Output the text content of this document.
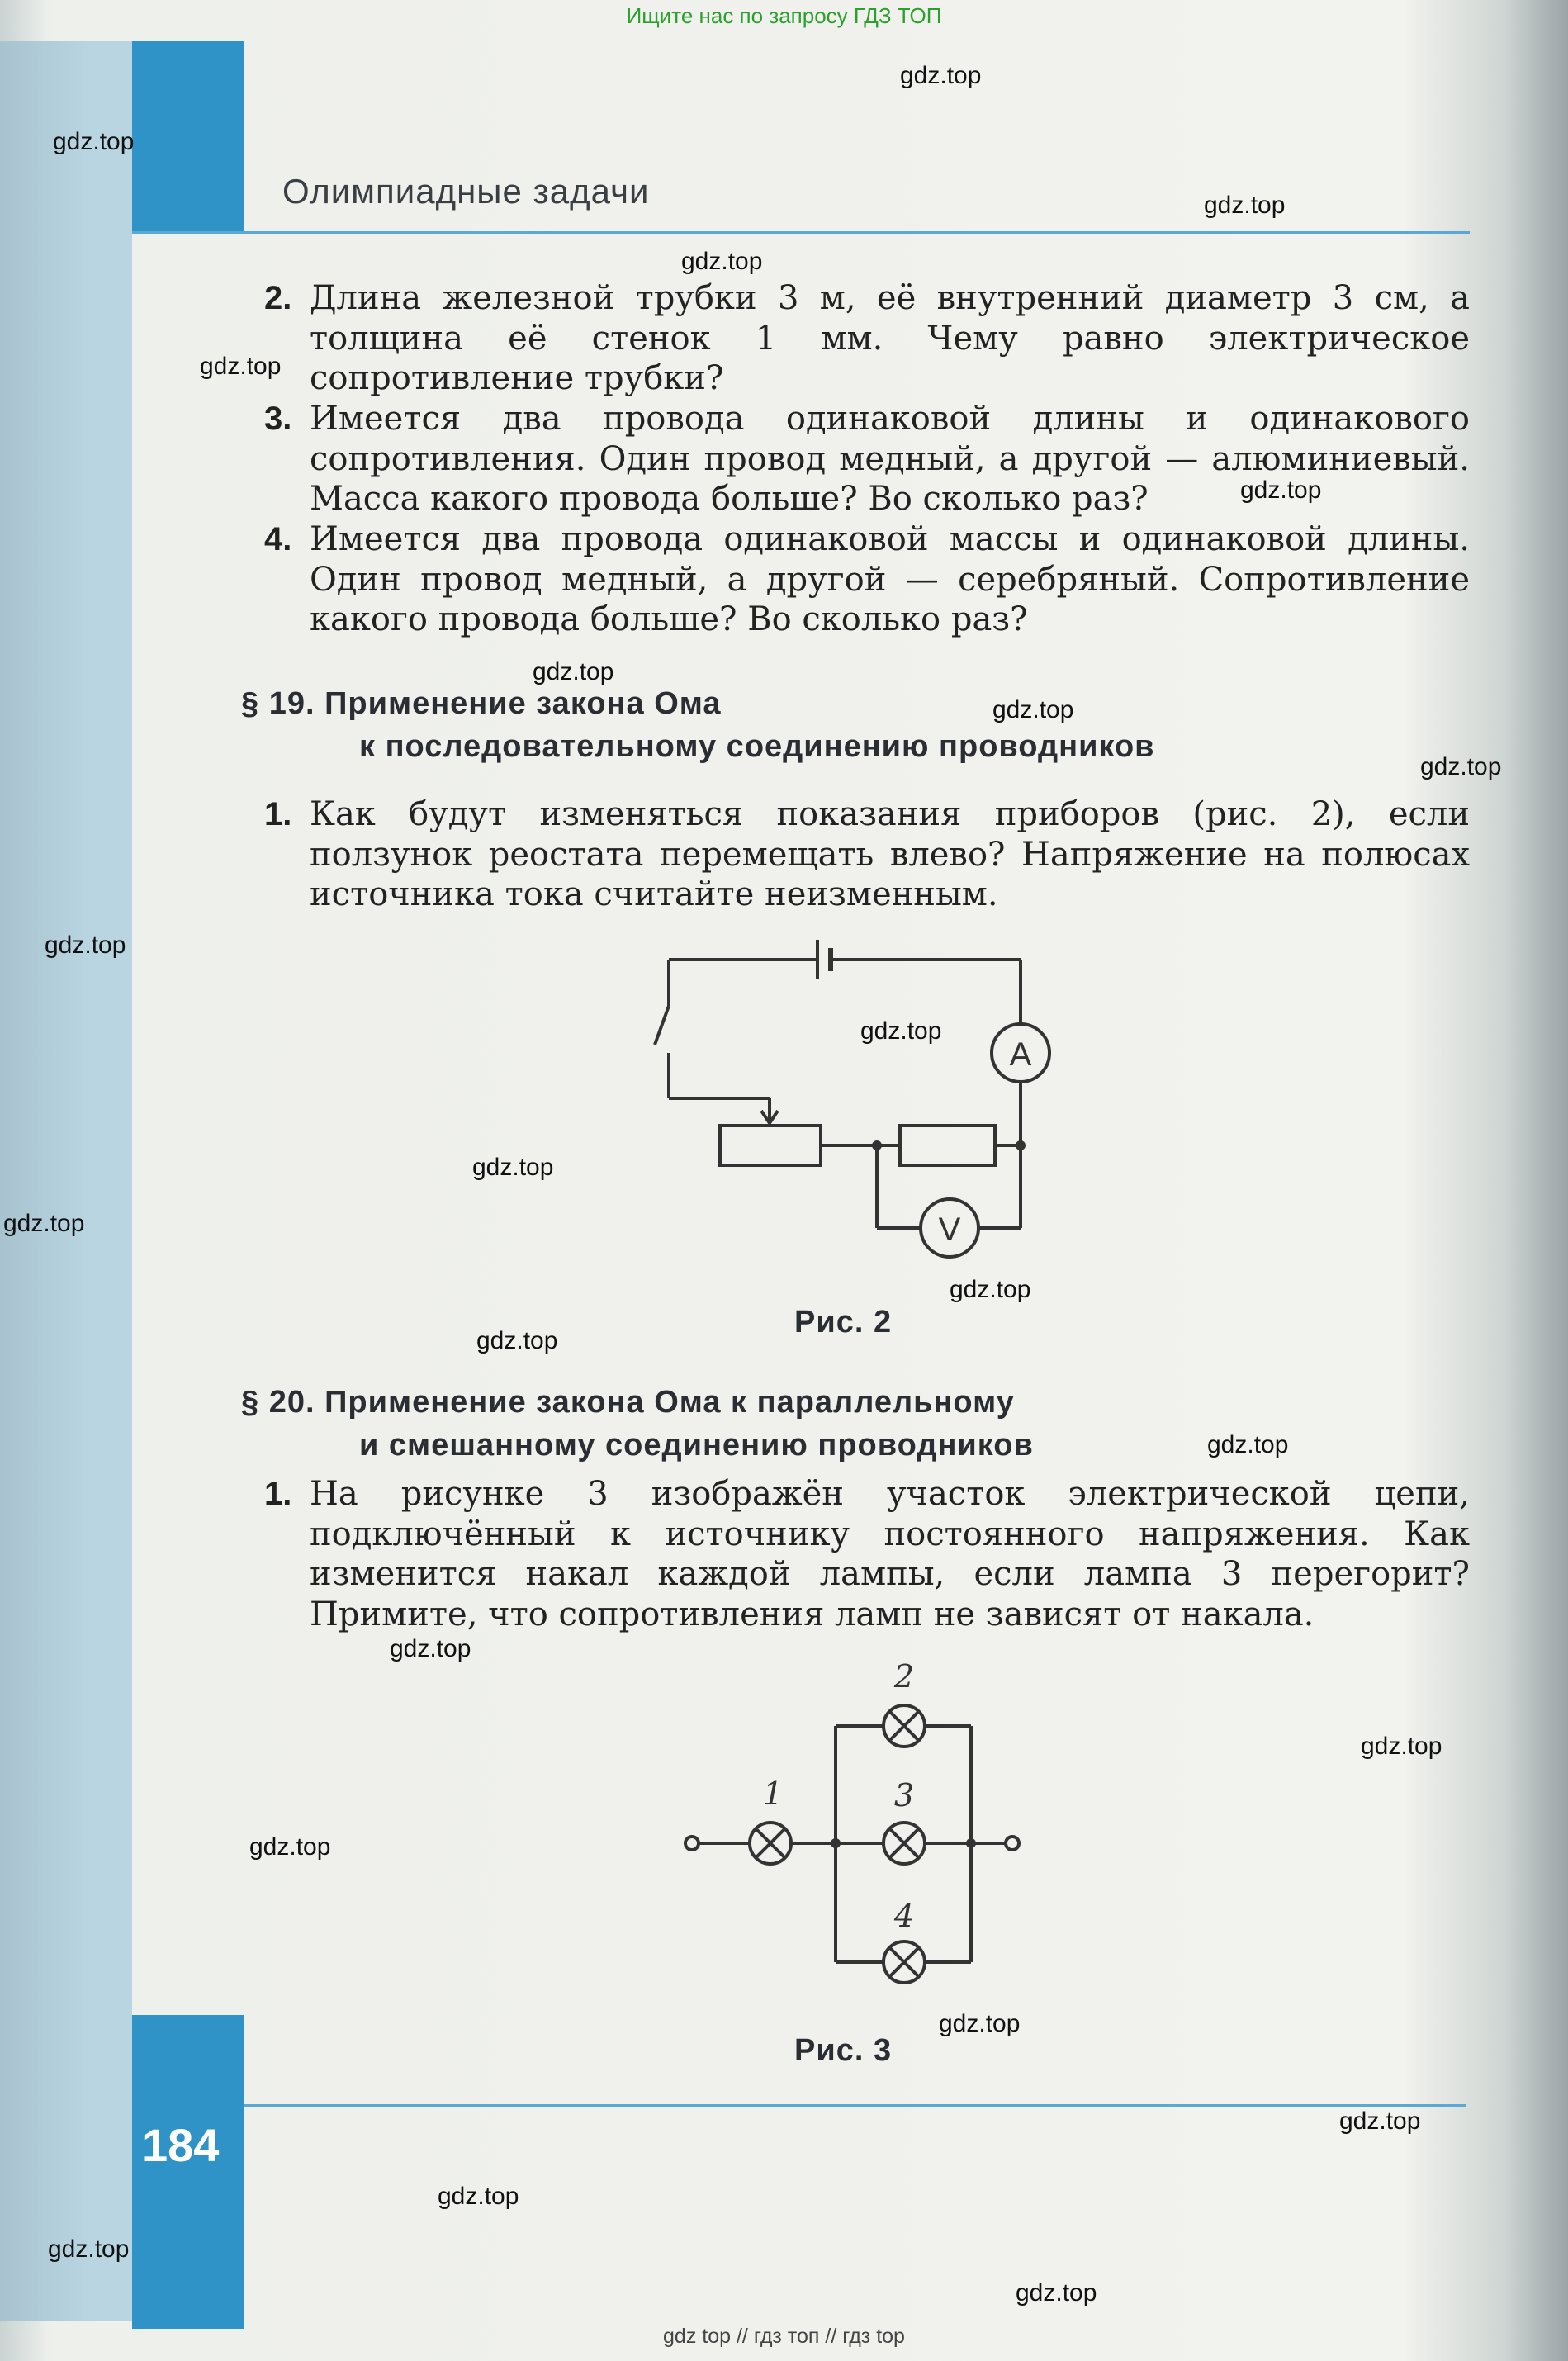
Ищите нас по запросу ГДЗ ТОП
Олимпиадные задачи
2. Длина железной трубки 3 м, её внутренний диаметр 3 см, а толщина её стенок 1 мм. Чему равно электрическое сопротивление трубки?
3. Имеется два провода одинаковой длины и одинакового сопротивления. Один провод медный, а другой — алюминиевый. Масса какого провода больше? Во сколько раз?
4. Имеется два провода одинаковой массы и одинаковой длины. Один провод медный, а другой — серебряный. Сопротивление какого провода больше? Во сколько раз?
§ 19. Применение закона Ома
к последовательному соединению проводников
1. Как будут изменяться показания приборов (рис. 2), если ползунок реостата перемещать влево? Напряжение на полюсах источника тока считайте неизменным.
A
V
1
2
3
4
Рис. 2
§ 20. Применение закона Ома к параллельному
и смешанному соединению проводников
1. На рисунке 3 изображён участок электрической цепи, подключённый к источнику постоянного напряжения. Как изменится накал каждой лампы, если лампа 3 перегорит? Примите, что сопротивления ламп не зависят от накала.
Рис. 3
184
gdz.top
gdz.top
gdz.top
gdz.top
gdz.top
gdz.top
gdz.top
gdz.top
gdz.top
gdz.top
gdz.top
gdz.top
gdz.top
gdz.top
gdz.top
gdz.top
gdz.top
gdz.top
gdz.top
gdz.top
gdz.top
gdz.top
gdz.top
gdz.top
gdz top // гдз топ // гдз top
